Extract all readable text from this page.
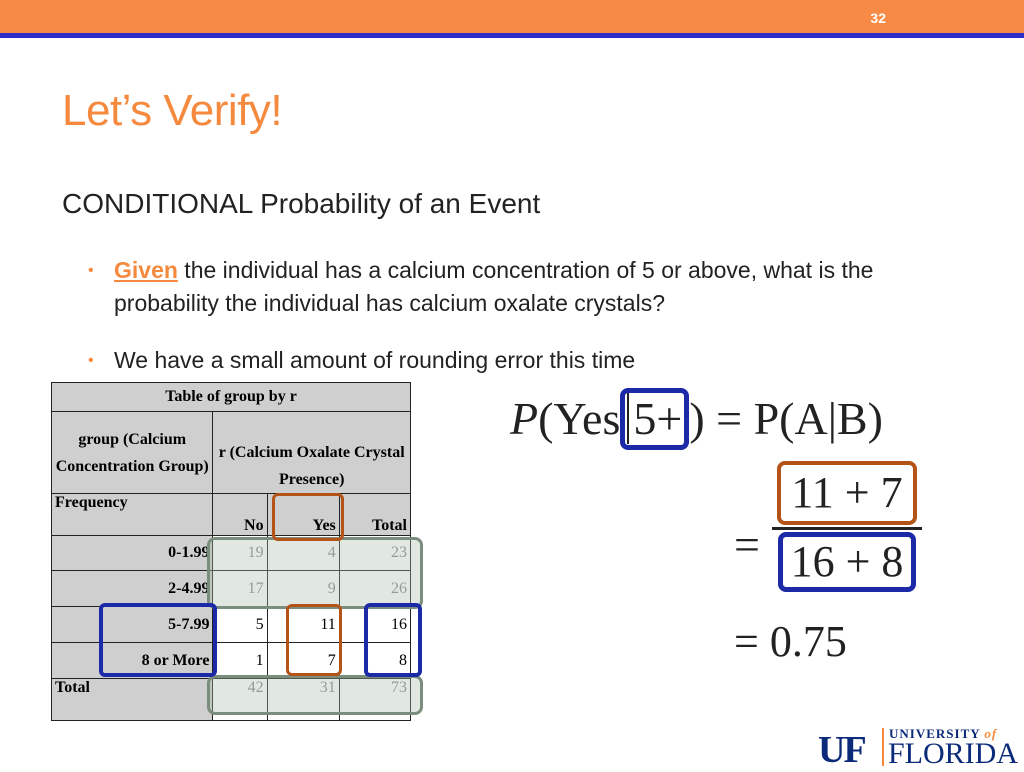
32
Let’s Verify!
CONDITIONAL Probability of an Event
• Given the individual has a calcium concentration of 5 or above, what is the probability the individual has calcium oxalate crystals?
• We have a small amount of rounding error this time
Table of group by r			
group (Calcium Concentration Group)	r (Calcium Oxalate Crystal Presence)		
Frequency	No	Yes	Total
0-1.99	19	4	23
2-4.99	17	9	26
5-7.99	5	11	16
8 or More	1	7	8
Total	42	31	73
P(Yes 5+ ) = P(A|B)
= $\frac{11 + 7}{16 + 8}$
= 0.75
UF UNIVERSITY of
FLORIDA
